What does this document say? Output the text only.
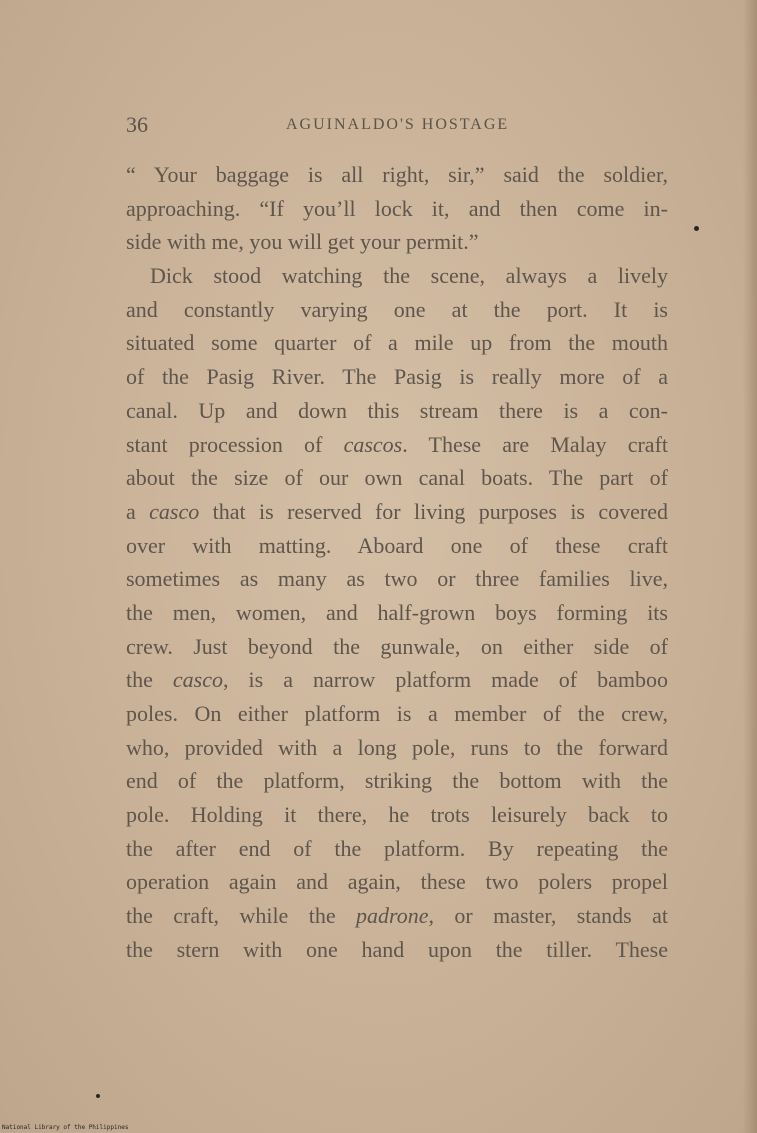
36	AGUINALDO'S HOSTAGE
“ Your baggage is all right, sir,” said the soldier,
approaching. “If you’ll lock it, and then come in-
side with me, you will get your permit.”
Dick stood watching the scene, always a lively
and constantly varying one at the port. It is
situated some quarter of a mile up from the mouth
of the Pasig River. The Pasig is really more of a
canal. Up and down this stream there is a con-
stant procession of cascos. These are Malay craft
about the size of our own canal boats. The part of
a casco that is reserved for living purposes is covered
over with matting. Aboard one of these craft
sometimes as many as two or three families live,
the men, women, and half-grown boys forming its
crew. Just beyond the gunwale, on either side of
the casco, is a narrow platform made of bamboo
poles. On either platform is a member of the crew,
who, provided with a long pole, runs to the forward
end of the platform, striking the bottom with the
pole. Holding it there, he trots leisurely back to
the after end of the platform. By repeating the
operation again and again, these two polers propel
the craft, while the padrone, or master, stands at
the stern with one hand upon the tiller. These
National Library of the Philippines
